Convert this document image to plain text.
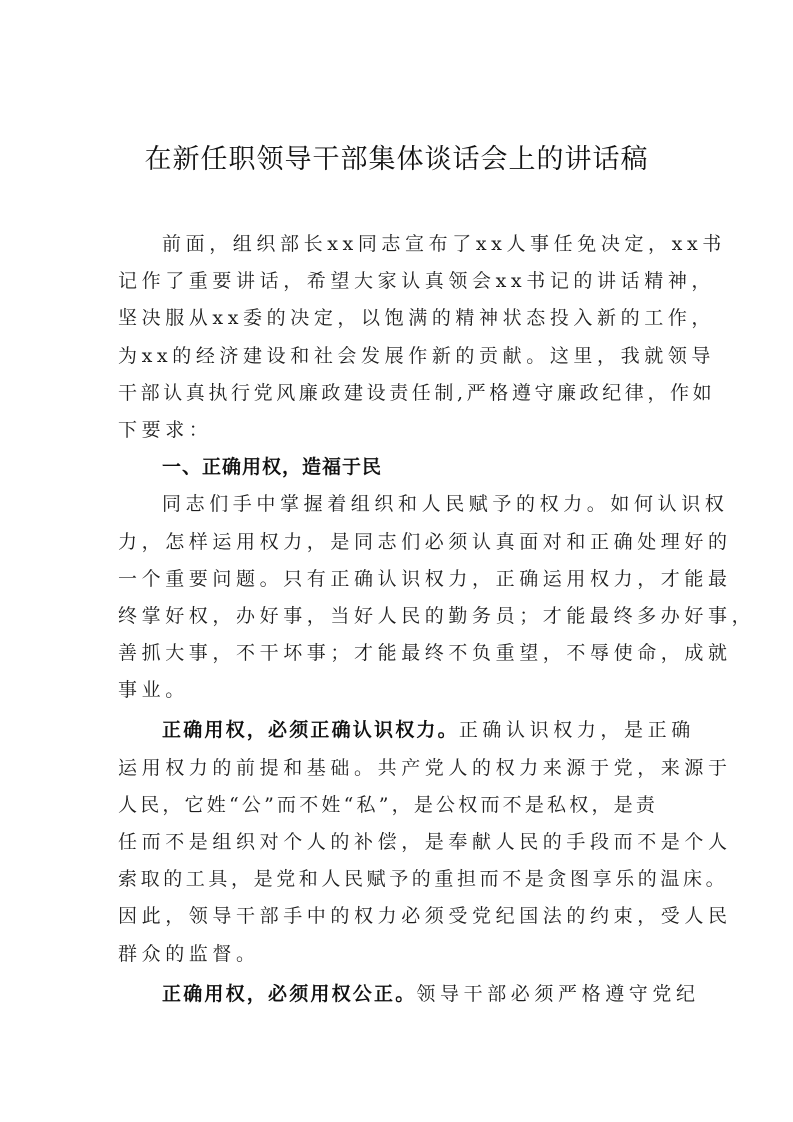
在新任职领导干部集体谈话会上的讲话稿
前面，组织部长xx同志宣布了xx人事任免决定，xx书
记作了重要讲话，希望大家认真领会xx书记的讲话精神，
坚决服从xx委的决定，以饱满的精神状态投入新的工作，
为xx的经济建设和社会发展作新的贡献。这里，我就领导
干部认真执行党风廉政建设责任制,严格遵守廉政纪律，作如
下要求：
一、正确用权，造福于民
同志们手中掌握着组织和人民赋予的权力。如何认识权
力，怎样运用权力，是同志们必须认真面对和正确处理好的
一个重要问题。只有正确认识权力，正确运用权力，才能最
终掌好权，办好事，当好人民的勤务员；才能最终多办好事，
善抓大事，不干坏事；才能最终不负重望，不辱使命，成就
事业。
正确用权，必须正确认识权力。正确认识权力，是正确
运用权力的前提和基础。共产党人的权力来源于党，来源于
人民，它姓“公”而不姓“私”，是公权而不是私权，是责
任而不是组织对个人的补偿，是奉献人民的手段而不是个人
索取的工具，是党和人民赋予的重担而不是贪图享乐的温床。
因此，领导干部手中的权力必须受党纪国法的约束，受人民
群众的监督。
正确用权，必须用权公正。领导干部必须严格遵守党纪
